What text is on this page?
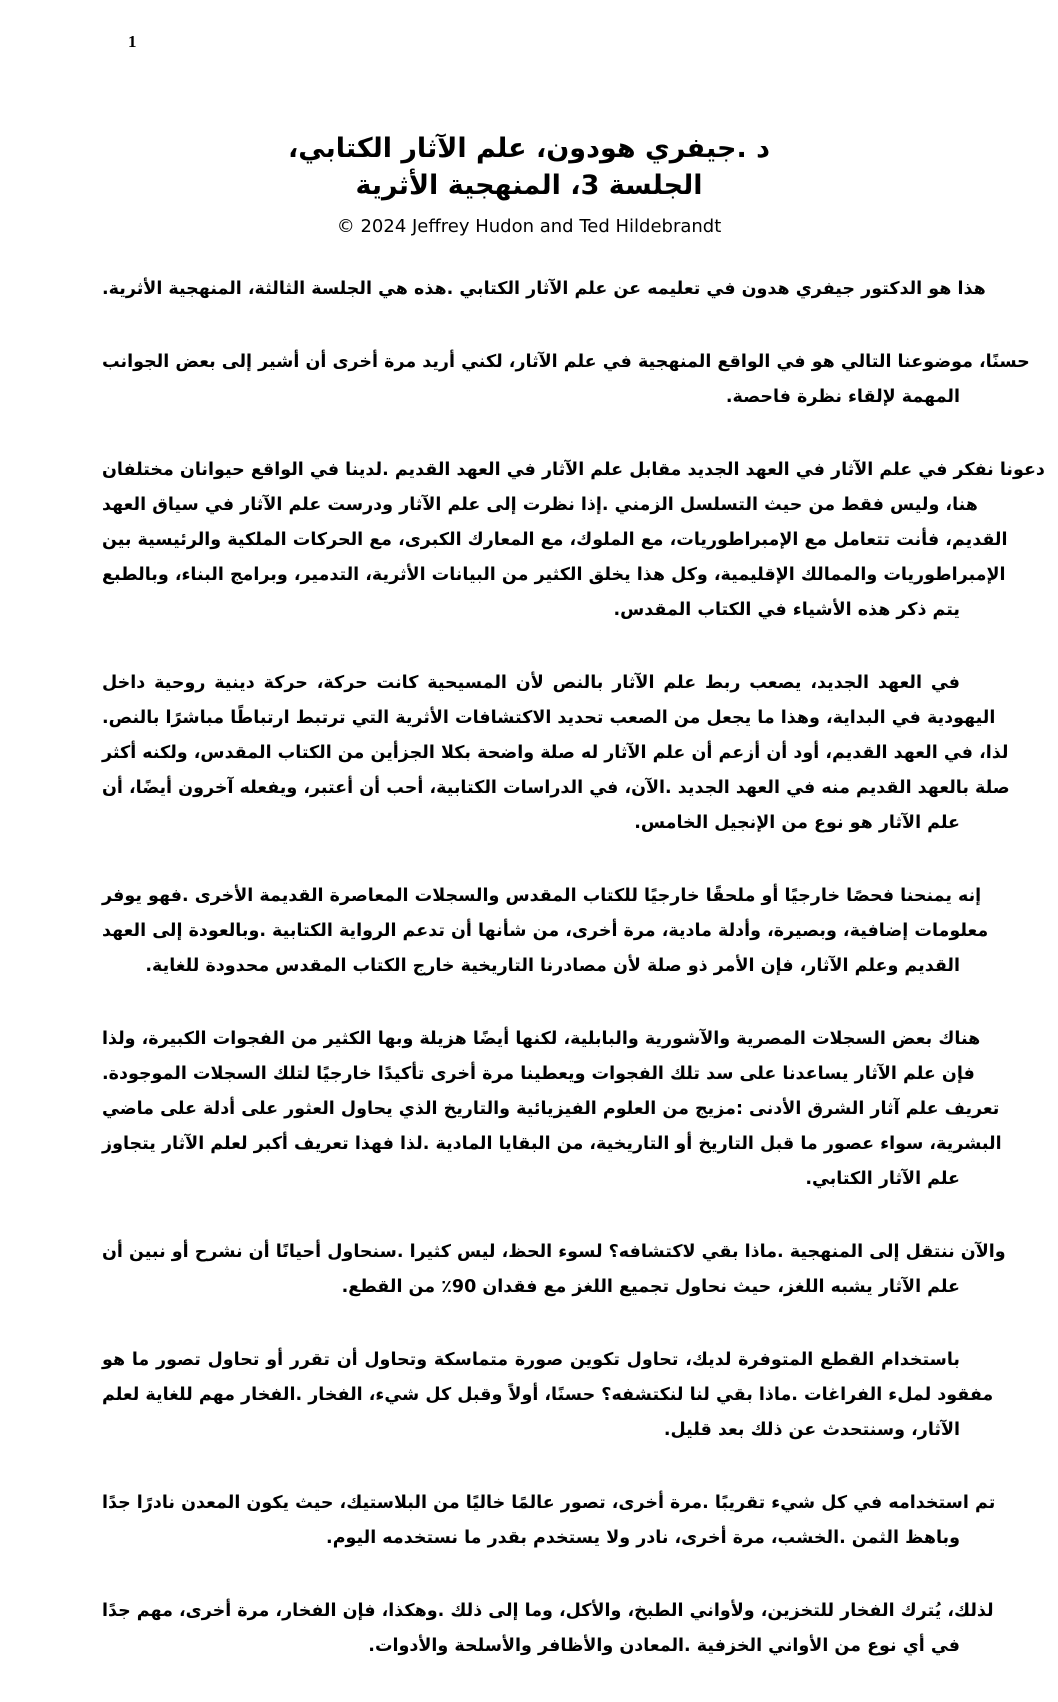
1
،د .جيفري هودون، علم الآثار الكتابي
الجلسة 3، المنهجية الأثرية
© 2024 Jeffrey Hudon and Ted Hildebrandt
.هذا هو الدكتور جيفري هدون في تعليمه عن علم الآثار الكتابي .هذه هي الجلسة الثالثة، المنهجية الأثرية
حسنًا، موضوعنا التالي هو في الواقع المنهجية في علم الآثار، لكني أريد مرة أخرى أن أشير إلى بعض الجوانب
.المهمة لإلقاء نظرة فاحصة
دعونا نفكر في علم الآثار في العهد الجديد مقابل علم الآثار في العهد القديم .لدينا في الواقع حيوانان مختلفان
هنا، وليس فقط من حيث التسلسل الزمني .إذا نظرت إلى علم الآثار ودرست علم الآثار في سياق العهد
القديم، فأنت تتعامل مع الإمبراطوريات، مع الملوك، مع المعارك الكبرى، مع الحركات الملكية والرئيسية بين
الإمبراطوريات والممالك الإقليمية، وكل هذا يخلق الكثير من البيانات الأثرية، التدمير، وبرامج البناء، وبالطبع
.يتم ذكر هذه الأشياء في الكتاب المقدس
في العهد الجديد، يصعب ربط علم الآثار بالنص لأن المسيحية كانت حركة، حركة دينية روحية داخل
.اليهودية في البداية، وهذا ما يجعل من الصعب تحديد الاكتشافات الأثرية التي ترتبط ارتباطًا مباشرًا بالنص
لذا، في العهد القديم، أود أن أزعم أن علم الآثار له صلة واضحة بكلا الجزأين من الكتاب المقدس، ولكنه أكثر
صلة بالعهد القديم منه في العهد الجديد .الآن، في الدراسات الكتابية، أحب أن أعتبر، ويفعله آخرون أيضًا، أن
.علم الآثار هو نوع من الإنجيل الخامس
إنه يمنحنا فحصًا خارجيًا أو ملحقًا خارجيًا للكتاب المقدس والسجلات المعاصرة القديمة الأخرى .فهو يوفر
معلومات إضافية، وبصيرة، وأدلة مادية، مرة أخرى، من شأنها أن تدعم الرواية الكتابية .وبالعودة إلى العهد
.القديم وعلم الآثار، فإن الأمر ذو صلة لأن مصادرنا التاريخية خارج الكتاب المقدس محدودة للغاية
هناك بعض السجلات المصرية والآشورية والبابلية، لكنها أيضًا هزيلة وبها الكثير من الفجوات الكبيرة، ولذا
.فإن علم الآثار يساعدنا على سد تلك الفجوات ويعطينا مرة أخرى تأكيدًا خارجيًا لتلك السجلات الموجودة
تعريف علم آثار الشرق الأدنى :مزيج من العلوم الفيزيائية والتاريخ الذي يحاول العثور على أدلة على ماضي
البشرية، سواء عصور ما قبل التاريخ أو التاريخية، من البقايا المادية .لذا فهذا تعريف أكبر لعلم الآثار يتجاوز
.علم الآثار الكتابي
والآن ننتقل إلى المنهجية .ماذا بقي لاكتشافه؟ لسوء الحظ، ليس كثيرا .سنحاول أحيانًا أن نشرح أو نبين أن
.علم الآثار يشبه اللغز، حيث نحاول تجميع اللغز مع فقدان 90٪ من القطع
باستخدام القطع المتوفرة لديك، تحاول تكوين صورة متماسكة وتحاول أن تقرر أو تحاول تصور ما هو
مفقود لملء الفراغات .ماذا بقي لنا لنكتشفه؟ حسنًا، أولاً وقبل كل شيء، الفخار .الفخار مهم للغاية لعلم
.الآثار، وسنتحدث عن ذلك بعد قليل
تم استخدامه في كل شيء تقريبًا .مرة أخرى، تصور عالمًا خاليًا من البلاستيك، حيث يكون المعدن نادرًا جدًا
.وباهظ الثمن .الخشب، مرة أخرى، نادر ولا يستخدم بقدر ما نستخدمه اليوم
لذلك، يُترك الفخار للتخزين، ولأواني الطبخ، والأكل، وما إلى ذلك .وهكذا، فإن الفخار، مرة أخرى، مهم جدًا
.في أي نوع من الأواني الخزفية .المعادن والأظافر والأسلحة والأدوات
